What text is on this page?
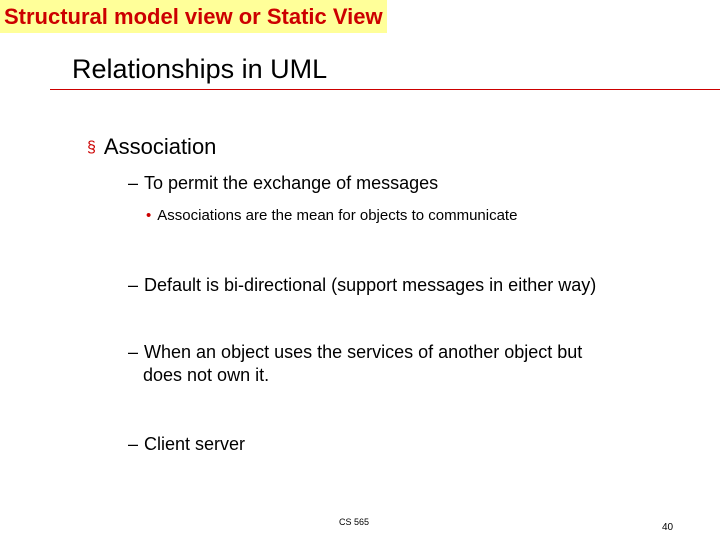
Structural model view or Static View
Relationships in UML
§ Association
– To permit the exchange of messages
• Associations are the mean for objects to communicate
– Default is bi-directional (support messages in either way)
– When an object uses the services of another object but
does not own it.
– Client server
CS 565	40
